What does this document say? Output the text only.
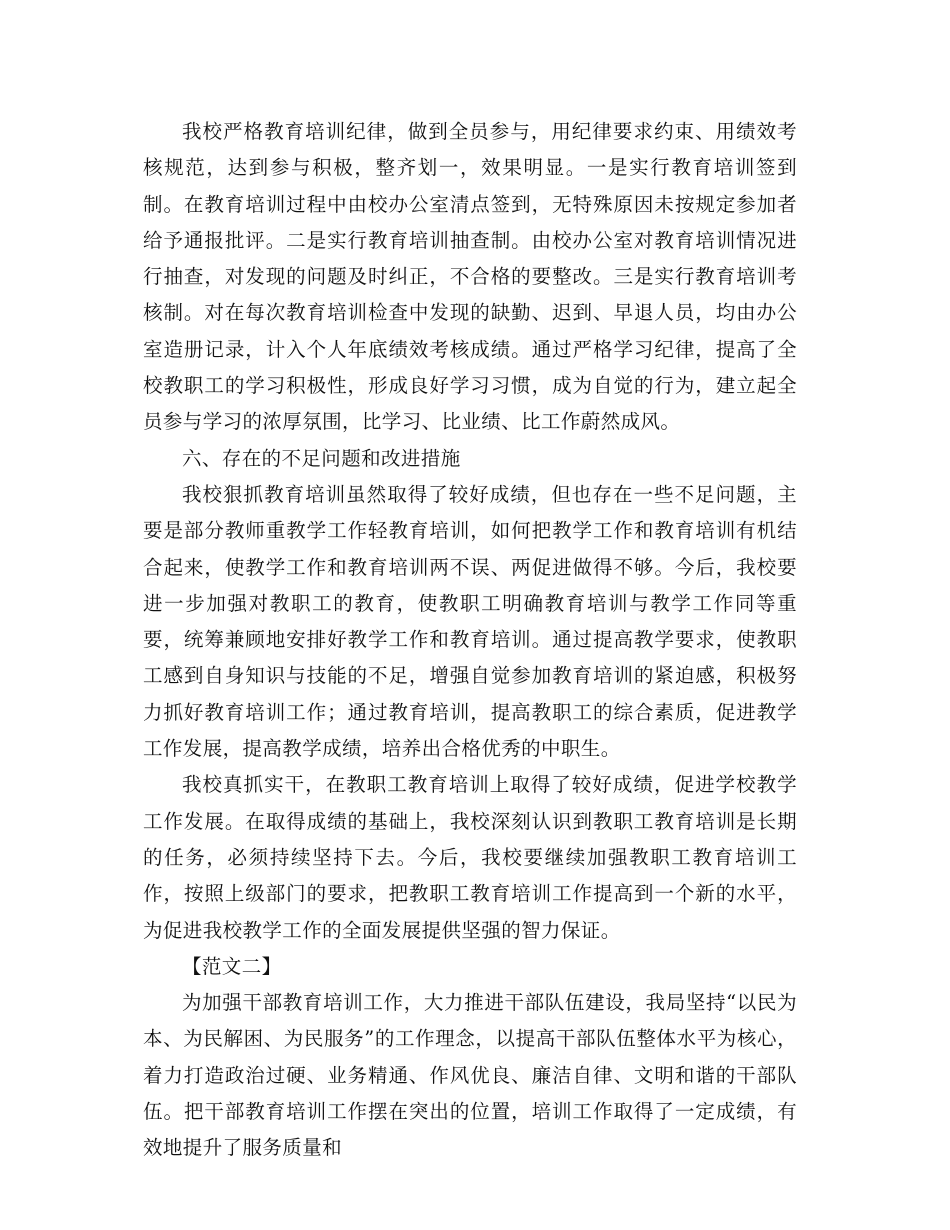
我校严格教育培训纪律，做到全员参与，用纪律要求约束、用绩效考核规范，达到参与积极，整齐划一，效果明显。一是实行教育培训签到制。在教育培训过程中由校办公室清点签到，无特殊原因未按规定参加者给予通报批评。二是实行教育培训抽查制。由校办公室对教育培训情况进行抽查，对发现的问题及时纠正，不合格的要整改。三是实行教育培训考核制。对在每次教育培训检查中发现的缺勤、迟到、早退人员，均由办公室造册记录，计入个人年底绩效考核成绩。通过严格学习纪律，提高了全校教职工的学习积极性，形成良好学习习惯，成为自觉的行为，建立起全员参与学习的浓厚氛围，比学习、比业绩、比工作蔚然成风。

六、存在的不足问题和改进措施

我校狠抓教育培训虽然取得了较好成绩，但也存在一些不足问题，主要是部分教师重教学工作轻教育培训，如何把教学工作和教育培训有机结合起来，使教学工作和教育培训两不误、两促进做得不够。今后，我校要进一步加强对教职工的教育，使教职工明确教育培训与教学工作同等重要，统筹兼顾地安排好教学工作和教育培训。通过提高教学要求，使教职工感到自身知识与技能的不足，增强自觉参加教育培训的紧迫感，积极努力抓好教育培训工作；通过教育培训，提高教职工的综合素质，促进教学工作发展，提高教学成绩，培养出合格优秀的中职生。

我校真抓实干，在教职工教育培训上取得了较好成绩，促进学校教学工作发展。在取得成绩的基础上，我校深刻认识到教职工教育培训是长期的任务，必须持续坚持下去。今后，我校要继续加强教职工教育培训工作，按照上级部门的要求，把教职工教育培训工作提高到一个新的水平，为促进我校教学工作的全面发展提供坚强的智力保证。

【范文二】

为加强干部教育培训工作，大力推进干部队伍建设，我局坚持“以民为本、为民解困、为民服务”的工作理念，以提高干部队伍整体水平为核心，着力打造政治过硬、业务精通、作风优良、廉洁自律、文明和谐的干部队伍。把干部教育培训工作摆在突出的位置，培训工作取得了一定成绩，有效地提升了服务质量和
